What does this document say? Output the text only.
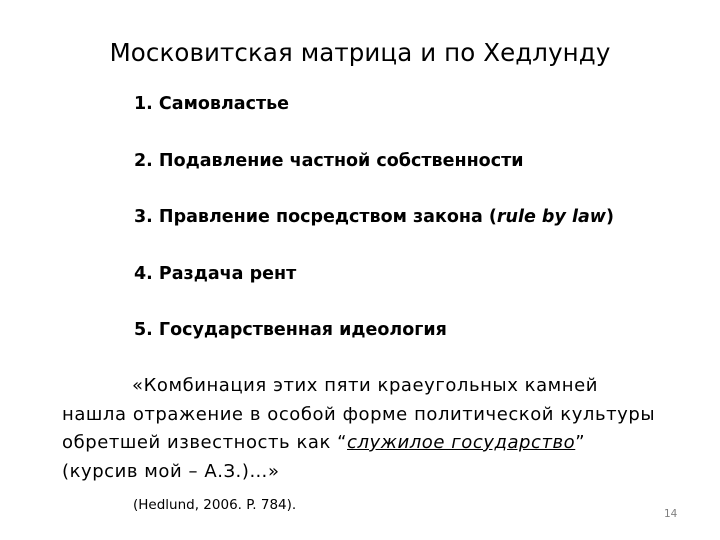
Московитская матрица и по Хедлунду
1. Самовластье
2. Подавление частной собственности
3. Правление посредством закона (rule by law)
4. Раздача рент
5. Государственная идеология
«Комбинация этих пяти краеугольных камней
нашла отражение в особой форме политической культуры
обретшей известность как “служилое государство”
(курсив мой – А.З.)…»
(Hedlund, 2006. P. 784).
14
